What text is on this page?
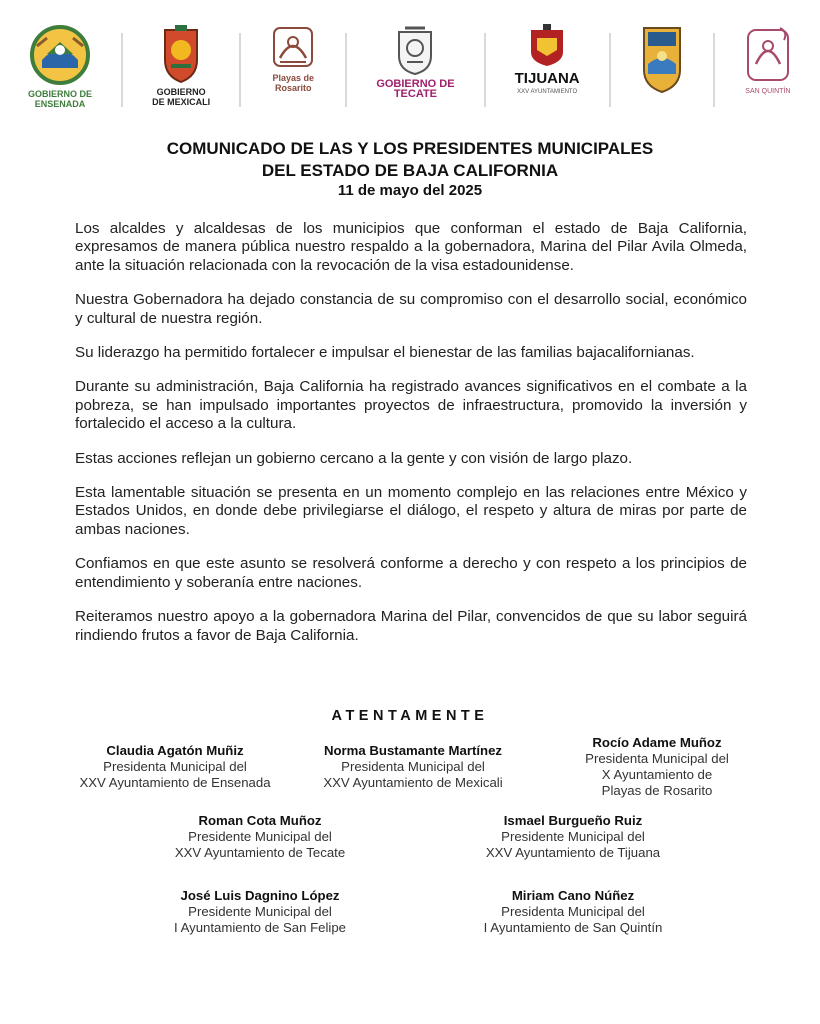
GOBIERNO DE
ENSENADA
GOBIERNO
DE MEXICALI
Playas de
Rosarito	GOBIERNO DE
TECATE
TIJUANA
XXV AYUNTAMIENTO	SAN QUINTÍN
COMUNICADO DE LAS Y LOS PRESIDENTES MUNICIPALES
DEL ESTADO DE BAJA CALIFORNIA
11 de mayo del 2025

Los alcaldes y alcaldesas de los municipios que conforman el estado de Baja California, expresamos de manera pública nuestro respaldo a la gobernadora, Marina del Pilar Avila Olmeda, ante la situación relacionada con la revocación de la visa estadounidense.

Nuestra Gobernadora ha dejado constancia de su compromiso con el desarrollo social, económico y cultural de nuestra región.

Su liderazgo ha permitido fortalecer e impulsar el bienestar de las familias bajacalifornianas.

Durante su administración, Baja California ha registrado avances significativos en el combate a la pobreza, se han impulsado importantes proyectos de infraestructura, promovido la inversión y fortalecido el acceso a la cultura.

Estas acciones reflejan un gobierno cercano a la gente y con visión de largo plazo.

Esta lamentable situación se presenta en un momento complejo en las relaciones entre México y Estados Unidos, en donde debe privilegiarse el diálogo, el respeto y altura de miras por parte de ambas naciones.

Confiamos en que este asunto se resolverá conforme a derecho y con respeto a los principios de entendimiento y soberanía entre naciones.

Reiteramos nuestro apoyo a la gobernadora Marina del Pilar, convencidos de que su labor seguirá rindiendo frutos a favor de Baja California.

ATENTAMENTE
Claudia Agatón Muñiz
Presidenta Municipal del
XXV Ayuntamiento de Ensenada
Norma Bustamante Martínez
Presidenta Municipal del
XXV Ayuntamiento de Mexicali
Rocío Adame Muñoz
Presidenta Municipal del
X Ayuntamiento de
Playas de Rosarito
Roman Cota Muñoz
Presidente Municipal del
XXV Ayuntamiento de Tecate
Ismael Burgueño Ruiz
Presidente Municipal del
XXV Ayuntamiento de Tijuana
José Luis Dagnino López
Presidente Municipal del
I Ayuntamiento de San Felipe
Miriam Cano Núñez
Presidenta Municipal del
I Ayuntamiento de San Quintín
